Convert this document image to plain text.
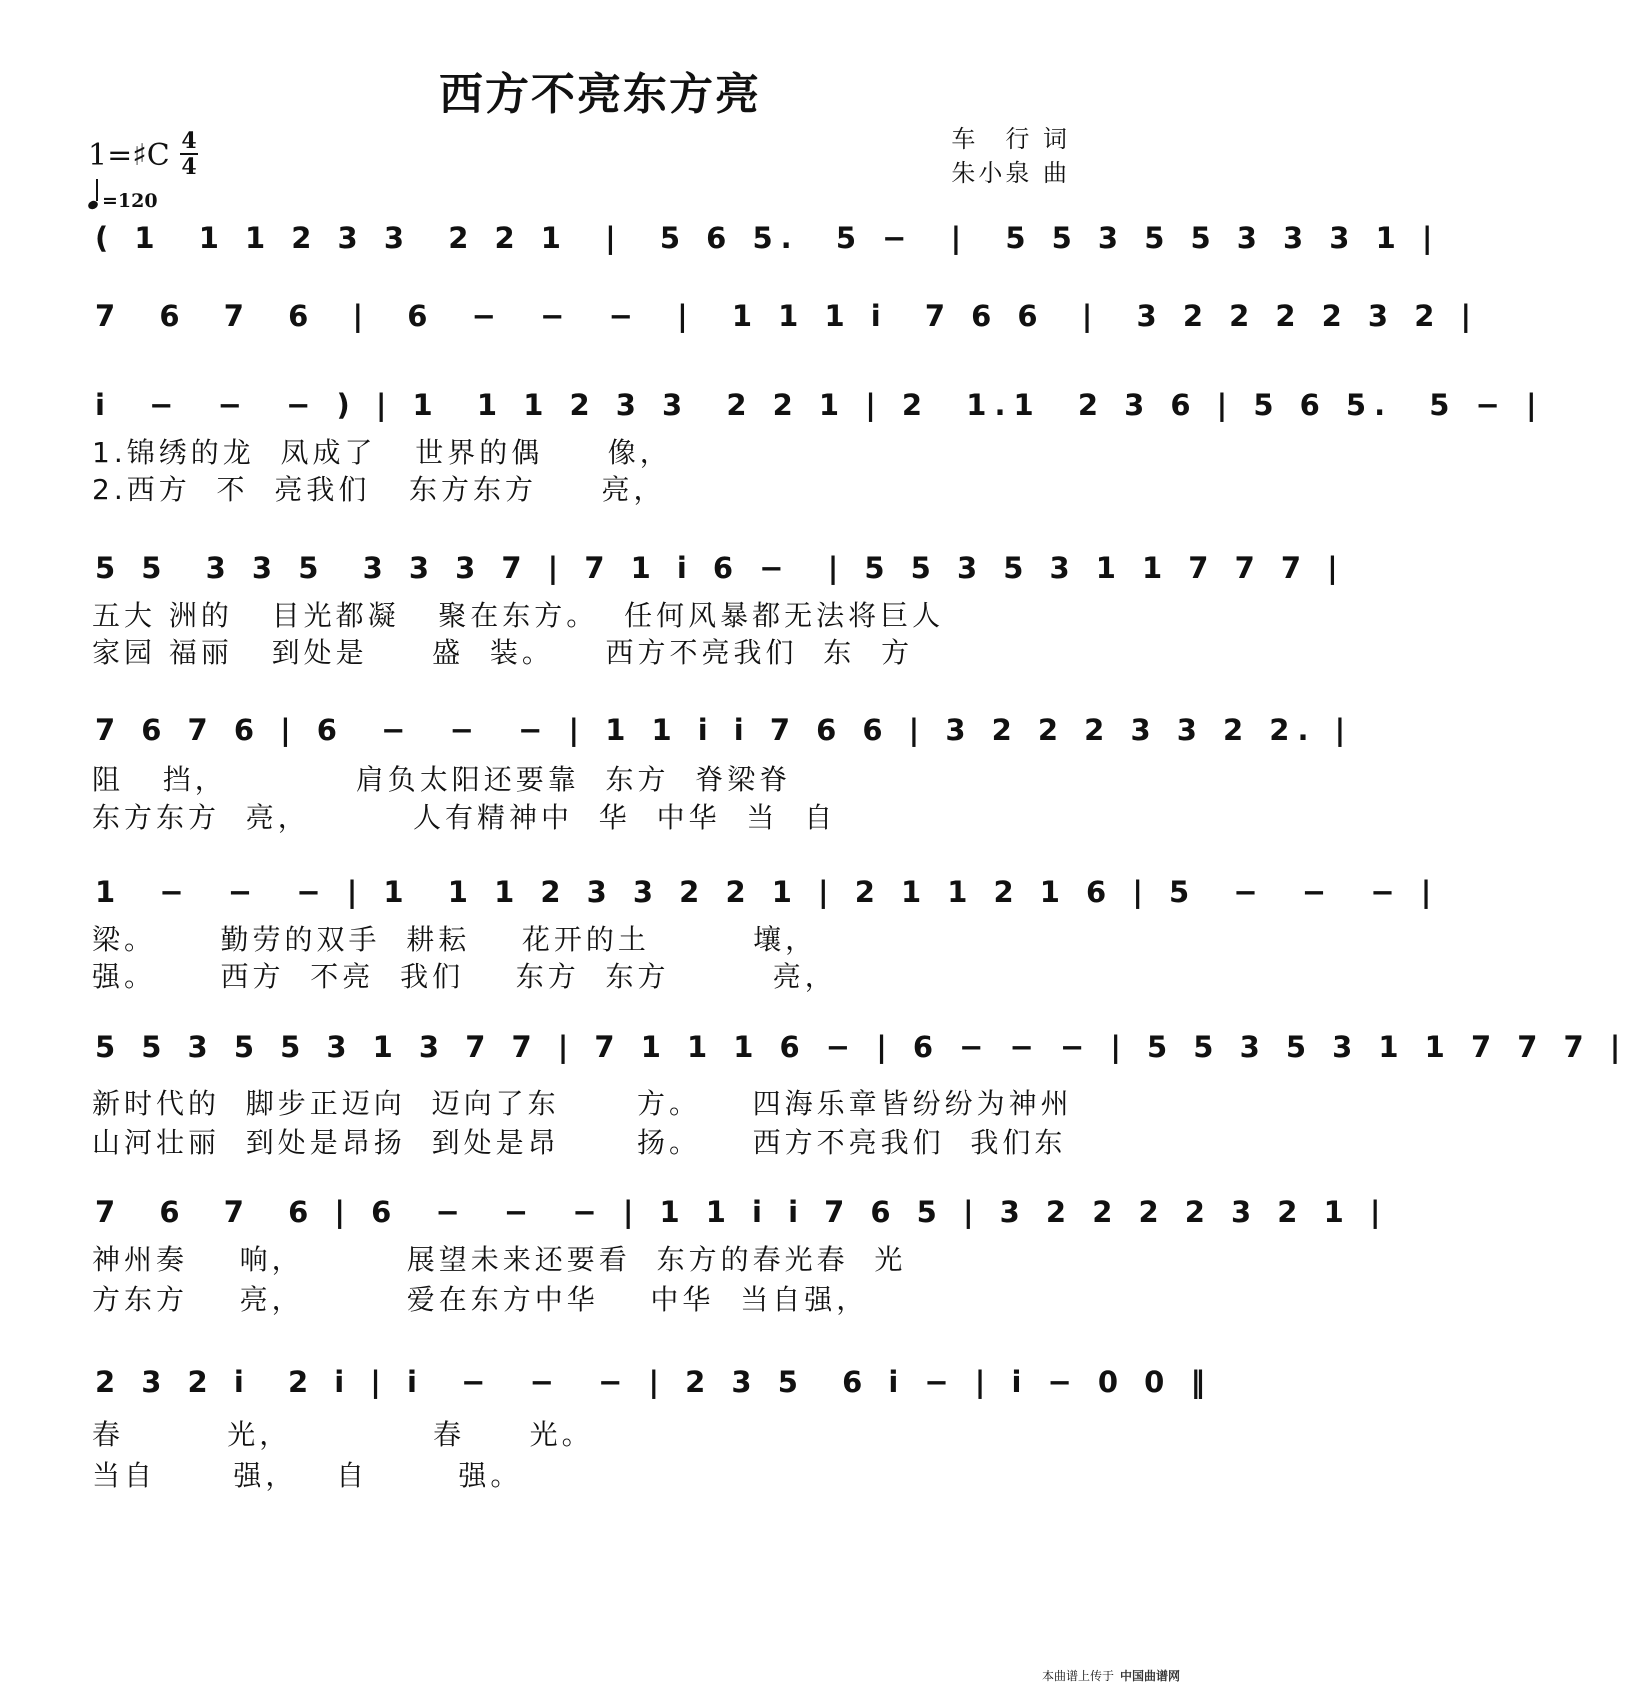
西方不亮东方亮
1=♯C 4
4
=120
车　行 词
朱小泉 曲
( 1  1 1 2 3 3  2 2 1  |  5 6 5.  5 −  |  5 5 3 5 5 3 3 3 1 |
7  6  7  6  |  6  −  −  −  |  1 1 1 i  7 6 6  |  3 2 2 2 2 3 2 |
i  −  −  − ) | 1  1 1 2 3 3  2 2 1 | 2  1.1  2 3 6 | 5 6 5.  5 − |
1.锦绣的龙  凤成了   世界的偶     像，
2.西方  不  亮我们   东方东方     亮，
5 5  3 3 5  3 3 3 7 | 7 1 i 6 −  | 5 5 3 5 3 1 1 7 7 7 |
五大 洲的   目光都凝   聚在东方。  任何风暴都无法将巨人
家园 福丽   到处是     盛  装。    西方不亮我们  东  方
7 6 7 6 | 6  −  −  − | 1 1 i i 7 6 6 | 3 2 2 2 3 3 2 2. |
阻   挡，          肩负太阳还要靠  东方  脊梁脊
东方东方  亮，        人有精神中  华  中华  当  自
1  −  −  − | 1  1 1 2 3 3 2 2 1 | 2 1 1 2 1 6 | 5  −  −  − |
梁。     勤劳的双手  耕耘    花开的土        壤，
强。     西方  不亮  我们    东方  东方        亮，
5 5 3 5 5 3 1 3 7 7 | 7 1 1 1 6 − | 6 − − − | 5 5 3 5 3 1 1 7 7 7 |
新时代的  脚步正迈向  迈向了东      方。    四海乐章皆纷纷为神州
山河壮丽  到处是昂扬  到处是昂      扬。    西方不亮我们  我们东
7  6  7  6 | 6  −  −  − | 1 1 i i 7 6 5 | 3 2 2 2 2 3 2 1 |
神州奏    响，        展望未来还要看  东方的春光春  光
方东方    亮，        爱在东方中华    中华  当自强，
2 3 2 i  2 i | i  −  −  − | 2 3 5  6 i − | i − 0 0 ‖
春        光，           春     光。
当自      强，   自       强。
本曲谱上传于 中国曲谱网
